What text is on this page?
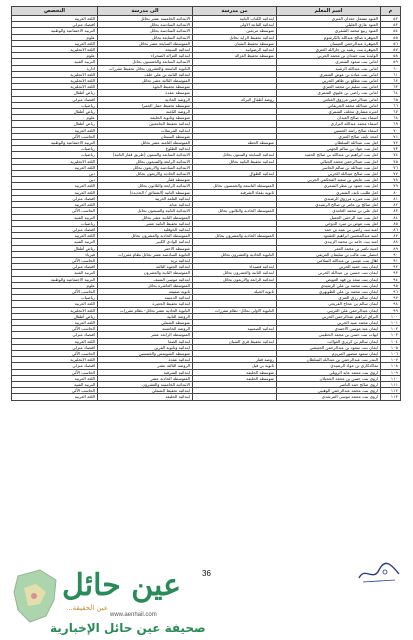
م	اسم المعلم	من مدرسة	الى مدرسة	التخصص
٥٢	العنود مشعل جعدان العنزي	ابتدائية الكتاب الثانية	الابتدائية الخامسة عشر بحائل	اللغة العربية
٥٣	العنود عازي العليلي	ابتدائية القاعد الاولى	الابتدائية السادسة بحائل	اقتصاد منزلي
٥٤	العنود ربيع محمد الشمري	متوسطة مربعين	الابتدائية السادسة بحائل	التربية الاجتماعية والوطنية
٥٥	الجوهرة صالح عبدالله بالكرشوم	ابتدائية تحفيظ الزايد بحائل	الابتدائية السابعة بحائل	علوم
٥٦	الجوهرة عبدالرحمن العيسان	متوسطة تحفيظ الشنان	المتوسطة السابعة عشر بحائل	اللغة العربية
٥٧	الجوهرة بنت رشيد بن جارالله العنزي	ابتدائية الرضوانية	ابتدائية السيحة	اللغة الانجليزية
٥٨	الوليدة بنت حمدان بن محمد الحربي	متوسطة تحفيظ الغزالة	ابتدائية الغزالة الصحراء	علوم
٥٩	اماني بنت سعود الشمري		الابتدائية السابعة والخمسون بحائل	التربية الفنية
٦٠	اماني بنت عبدالله الرشيد		الثانوية التاسعة والعشرون بحائل تحفيظ مقررات	ادارة
٦١	اماني بنت عيادة بن عوض الشمري		ابتدائية الثانية بن علي خلف	اللغة الانجليزية
٦٢	اماني بنت مطلع بن ظاهر الحربي		المتوسطة الثالثة عشر بحائل	اللغة الانجليزية
٦٣	اماني بنت سليم بن محمد العنزي		متوسطة تحفيظ الجوة	اللغة الانجليزية
٦٤	اماني بنت راضي بن عليوي الشمري		متوسطة عقدة	رياض أطفال
٦٥	اماني عبدالرحمن مرزوق الغنامي	روضة أطفال البركة	الروضة الحادية	اقتصاد منزلي
٦٦	اماني عبدالله محمد الجريفاني		متوسطة تحفيظ حمار الحمرا	رياضيات
٦٧	اميره مشاري مخلف الشمري		الروضة الثامنة	رياض أطفال
٦٨	اسماء بنت صالح العبدان		متوسطة وثانوية الحليفة	علوم
٦٩	اسماء محمد عبدالله البرازي		ابتدائية تحفيظ الجامعيين	رياض أطفال
٧٠	اسماء صالح راشد الحسين		ابتدائية المرسلات	اللغة العربية
٧١	امجد نايف صالح العنزي		متوسطة السبعان	الحاسب الآلي
٧٢	امل بنت عبدالله السلطان	متوسطة الحطه	المتوسطة الثامنة عشر بحائل	التربية الاجتماعية والوطنية
٧٣	امل بنت عواد بن سالم الجهني		ابتدائية الطلوع	رياضيات
٧٤	امل بنت ابراهيم بن عبدالله بن صالح الحميد	ابتدائية السابعة والستون بحائل	الابتدائية السابعة والستون (طريق قفار الثانية)	رياضيات
٧٥	امل بنت عبدالرحمن محمد الجبالي	ابتدائية تحفيظ الثانية بحائل	الابتدائية الرابعة والسبعون بحائل	اللغة الانجليزية
٧٦	امل بنت عبدالله بن سالم الجاسر		الابتدائية السادسة والاربعون بحائل	اللغة العربية
٧٧	امل بنت صالح عبدالله الحربي	ابتدائية الطوال	الابتدائية الحادية والاربعون بحائل	دين
٧٨	امل بنت عايض بن سعيد المحكمي الحربي		متوسطة قفار	دين
٧٩	امل بنت حمود بن مطر الشمري	المتوسطة التاسعة والخمسون بحائل	الابتدائية الرابعة والثلاثون بحائل	اللغة العربية
٨٠	امل طليب نايف الشمري	ثانوية بقعاء الشرقية	متوسطة الثانية (الشقائق / الجديدة)	اللغة العربية
٨١	امل بنت مبرزه مرزوق الرشيدي		ابتدائية القلعة الغربية	اقتصاد منزلي
٨٢	امل صالح بن عامر بن صالح الرشيدي		ابتدائية عدله	اللغة العربية
٨٣	امل علي بن محمد الغامدي	المتوسطة الحادية والثلاثون بحائل	الابتدائية الثانية والسبعون بحائل	الحاسب الآلي
٨٤	امل بنت عبد الرحمن الجميل		المتوسطة الثانية عشر بحائل	التربية الفنية
٨٥	امل بنت عوض بن مبرد الدوخي		ابتدائية تحفيظ الثانية عشر	رياضيات
٨٦	امنه بنت راضي بن عبيد بن حمد		ابتدائية الحوقلية	اقتصاد منزلي
٨٧	امنه عبدالمحسن ابراهيم العقعود	المتوسطة الحادية والعشرون بحائل	المتوسطة الحادية والعشرون بحائل	اللغة العربية
٨٨	امنه بنت حامد بن محمد الزبيدي		ابتدائية الوادي الكبير	التربية الفنية
٨٩	امنيه ناصر بن محمد العمر		متوسطة الاحفر	رياض أطفال
٩٠	انتصار بنت غالب بن سليمان العريفي	الثانوية الحادية والعشرون بحائل	الثانوية السادسة عشر بحائل نظام مقررات	فيزياء
٩١	اهال بنت عيسى بن عبدالله السلامي		ابتدائية ثربة	الحاسب الآلي
٩٢	ايمان بنت حميد الحربي	ابتدائية فصيداء	ابتدائية الجثوة الثالثة	اقتصاد منزلي
٩٣	ايمان بنت حسين بن عبدالله الحربي	ابتدائية الثانية والعشرون بحائل	المتوسطة الثانية والعشرون	التربية الفنية
٩٤	ايمان بنت سعد بن فهد العويض	ابتدائية الرابعة والاربعون بحائل	ابتدائية موسى السيف	التربية الاجتماعية والوطنية
٩٥	ايمان بنت محمد بن علي الرشيدي		المتوسطة العاشرة بحائل	علوم
٩٦	ايمان بنت محمد بن علي الظويهري	ثانوية الحيلة	ثانوية صفيعه	الحاسب الآلي
٩٧	ايمان سالم رزق العنزي		ابتدائية الدعيمة	رياضيات
٩٨	ايمان سالم بن عجاج الفريجي		ابتدائية تحفيظ الجعيرة	اللغة العربية
٩٩	ايمان عبدالرحمن علي الغريبي	الثانوية الاولى بحائل- نظام مقررات	الثانوية الحادية عشر بحائل- نظام مقررات	اللغة الانجليزية
١٠٠	البراق ابراهيم عبدالرحمن الحربي		الروضة الثانية	رياض أطفال
١٠١	ايمان محمد عبيد الحربي		متوسطة الشملي	اللغة العربية
١٠٢	ايمان عبد موسى الاحمدي	ابتدائية الصعيبيه	الروضة الخامسة	الحاسب الآلي
١٠٣	ايهاب بنت حسن بن محمد الحطيبي		المتوسطة الرابعة عشر	اقتصاد منزلي
١٠٤	ايمان سالم بن كريري الغوالث	ابتدائية تحفيظ قرى الشنان	ابتدائية الصفا	اللغة العربية
١٠٥	ايمان بنت سعود بن عبدالرحمن الحبيشي		ابتدائية وثانوية القرين	اقتصاد منزلي
١٠٦	ايمان سعود منصور المريزم		متوسطة الشويمس والخمسين	الحاسب الآلي
١٠٧	البندر بنت عبدالرحمن بن عبدالله السلطان	روضة قفار	ابتدائية عقدة	اللغة الانجليزية
١٠٨	تماكدكاري بن عواد الرشيدي	ثانوية بن قيل	الروضة الثالثة عشر	اقتصاد منزلي
١٠٩	اروى بنت محمد عايد الرويلي	متوسطة الحليفة	ابتدائية الشرقية	الحاسب الآلي
١١٠	اروى بنت حسن بن محمد الحجيلان	متوسطة الحليفة	المتوسطة الحادية عشر	اللغة العربية
١١١	اروى صالح حمد الناصر		الابتدائية الخامسة والعشرون	التربية الفنية
١١٢	اروى بنت محمد عبدالرحمن الوهيبي		ابتدائية تحفيظ الشملي	الحاسب الآلي
١١٣	اروى بنت محمد موسى المرشدي		ابتدائية الحليفة	اللغة العربية
36
عين حائل
عين الحقيقة...
www.aenhail.com
صحيفة عين حائل الإخبارية
